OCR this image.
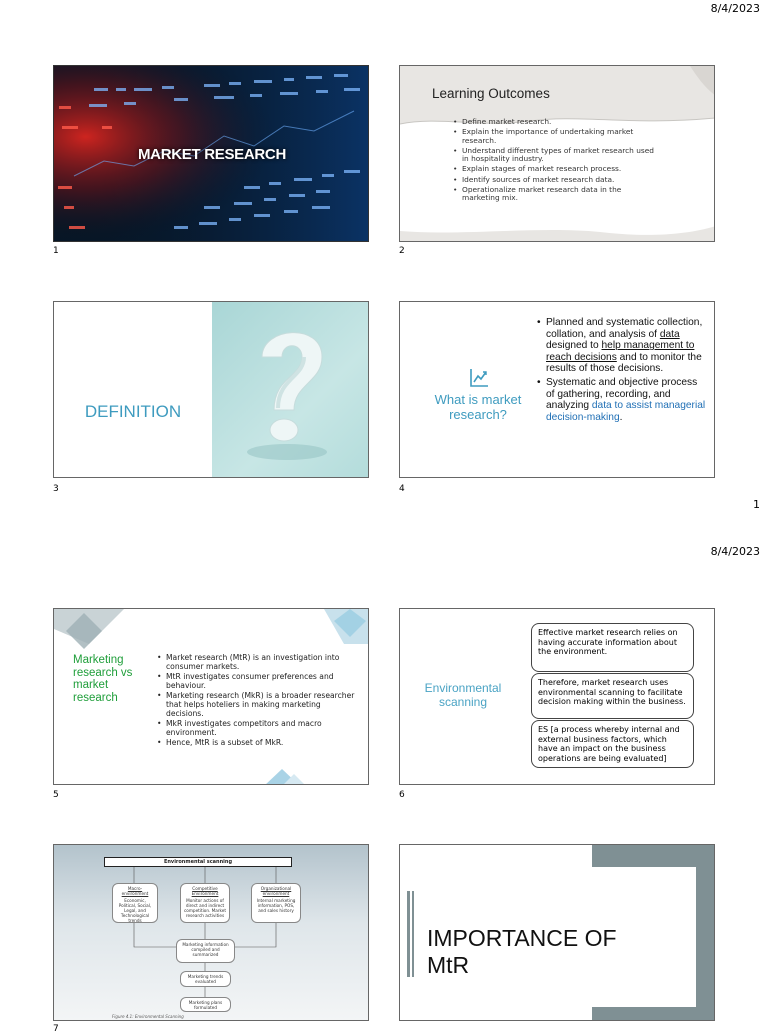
8/4/2023
MARKET RESEARCH
1
Learning Outcomes
• Define market research.
• Explain the importance of undertaking market research.
• Understand different types of market research used in hospitality industry.
• Explain stages of market research process.
• Identify sources of market research data.
• Operationalize market research data in the marketing mix.
2
DEFINITION
3
What is market research?
• Planned and systematic collection, collation, and analysis of data designed to help management to reach decisions and to monitor the results of those decisions.
• Systematic and objective process of gathering, recording, and analyzing data to assist managerial decision-making.
4
1
8/4/2023
Marketing research vs market research
• Market research (MtR) is an investigation into consumer markets.
• MtR investigates consumer preferences and behaviour.
• Marketing research (MkR) is a broader researcher that helps hoteliers in making marketing decisions.
• MkR investigates competitors and macro environment.
• Hence, MtR is a subset of MkR.
5
Environmental scanning
Effective market research relies on having accurate information about the environment.
Therefore, market research uses environmental scanning to facilitate decision making within the business.
ES [a process whereby internal and external business factors, which have an impact on the business operations are being evaluated]
6
Environmental scanning
Macro-environment
Economic, Political, Social, Legal, and Technological trends
Competitive Environment
Monitor actions of direct and indirect competition. Market research activities
Organizational environment
Internal marketing information, POS, and sales history
Marketing information compiled and summarized
Marketing trends evaluated
Marketing plans formulated
Figure 4.1: Environmental Scanning
7
IMPORTANCE OF
MtR
